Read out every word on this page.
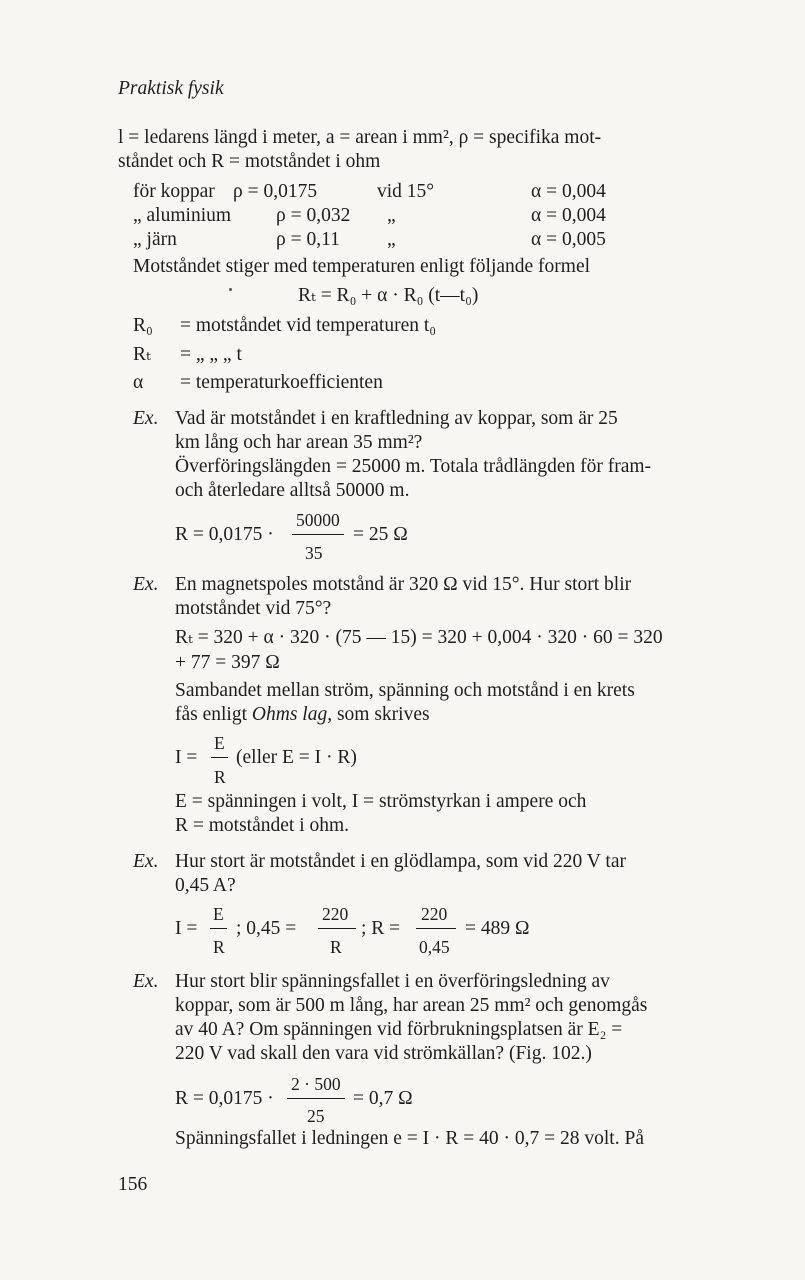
Praktisk fysik
l = ledarens längd i meter, a = arean i mm², ρ = specifika mot-
ståndet och R = motståndet i ohm
för koppar ρ = 0,0175	vid 15°	α = 0,004
„ aluminium ρ = 0,032 „	α = 0,004
„ järn	ρ = 0,11 „	α = 0,005
Motståndet stiger med temperaturen enligt följande formel
Rₜ = R₀ + α · R₀ (t—t₀)
R₀ = motståndet vid temperaturen t₀
Rₜ = „ „ „ t
α = temperaturkoefficienten
Ex. Vad är motståndet i en kraftledning av koppar, som är 25
km lång och har arean 35 mm²?
Överföringslängden = 25000 m. Totala trådlängden för fram-
och återledare alltså 50000 m.
50000
R = 0,0175 ·	= 25 Ω
35
Ex. En magnetspoles motstånd är 320 Ω vid 15°. Hur stort blir
motståndet vid 75°?
Rₜ = 320 + α · 320 · (75 — 15) = 320 + 0,004 · 320 · 60 = 320
+ 77 = 397 Ω
Sambandet mellan ström, spänning och motstånd i en krets
fås enligt Ohms lag, som skrives
E
I = (eller E = I · R)
R
E = spänningen i volt, I = strömstyrkan i ampere och
R = motståndet i ohm.
Ex. Hur stort är motståndet i en glödlampa, som vid 220 V tar
0,45 A?
E	220	220
I = ; 0,45 =	; R =	= 489 Ω
R	R	0,45
Ex. Hur stort blir spänningsfallet i en överföringsledning av
koppar, som är 500 m lång, har arean 25 mm² och genomgås
av 40 A? Om spänningen vid förbrukningsplatsen är E₂ =
220 V vad skall den vara vid strömkällan? (Fig. 102.)
2 · 500
R = 0,0175 ·	= 0,7 Ω
25
Spänningsfallet i ledningen e = I · R = 40 · 0,7 = 28 volt. På
156
